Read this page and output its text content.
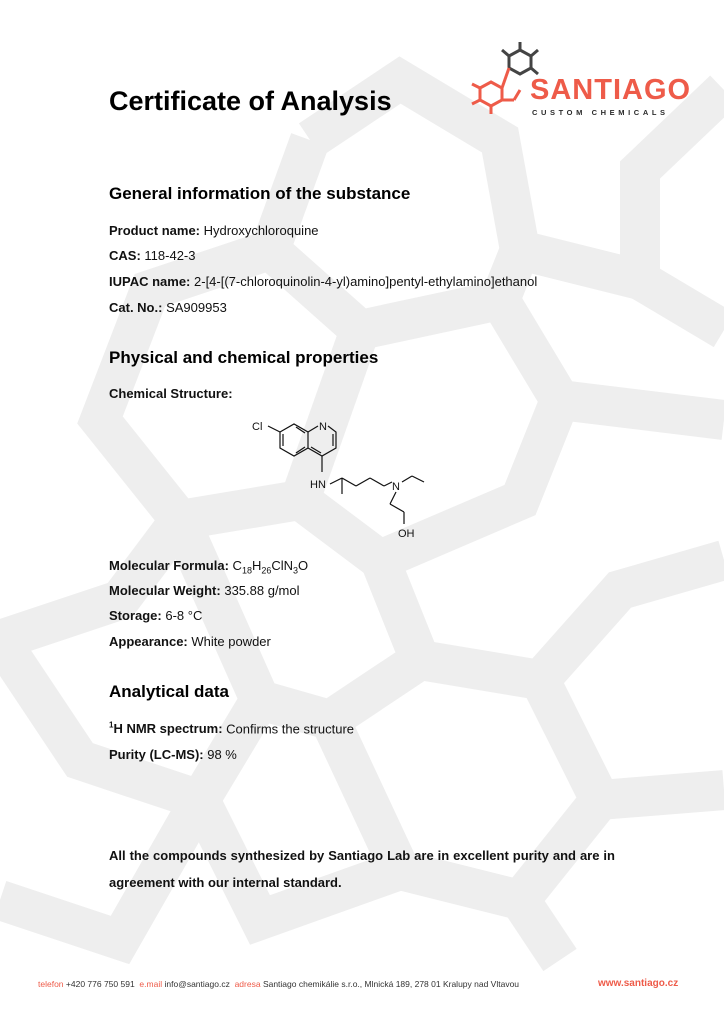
SANTIAGO
CUSTOM CHEMICALS
Certificate of Analysis
General information of the substance
Product name: Hydroxychloroquine
CAS: 118-42-3
IUPAC name: 2-[4-[(7-chloroquinolin-4-yl)amino]pentyl-ethylamino]ethanol
Cat. No.: SA909953
Physical and chemical properties
Chemical Structure:
Cl	N
HN	N
OH
Molecular Formula: $C_{18}H_{26}ClN_3O$
Molecular Weight: 335.88 g/mol
Storage: 6-8 °C
Appearance: White powder
Analytical data
$^1$H NMR spectrum: Confirms the structure
Purity (LC-MS): 98 %
All the compounds synthesized by Santiago Lab are in excellent purity and are in agreement with our internal standard.
telefon +420 776 750 591 e.mail info@santiago.cz adresa Santiago chemikálie s.r.o., Mlnická 189, 278 01 Kralupy nad Vltavou	www.santiago.cz
